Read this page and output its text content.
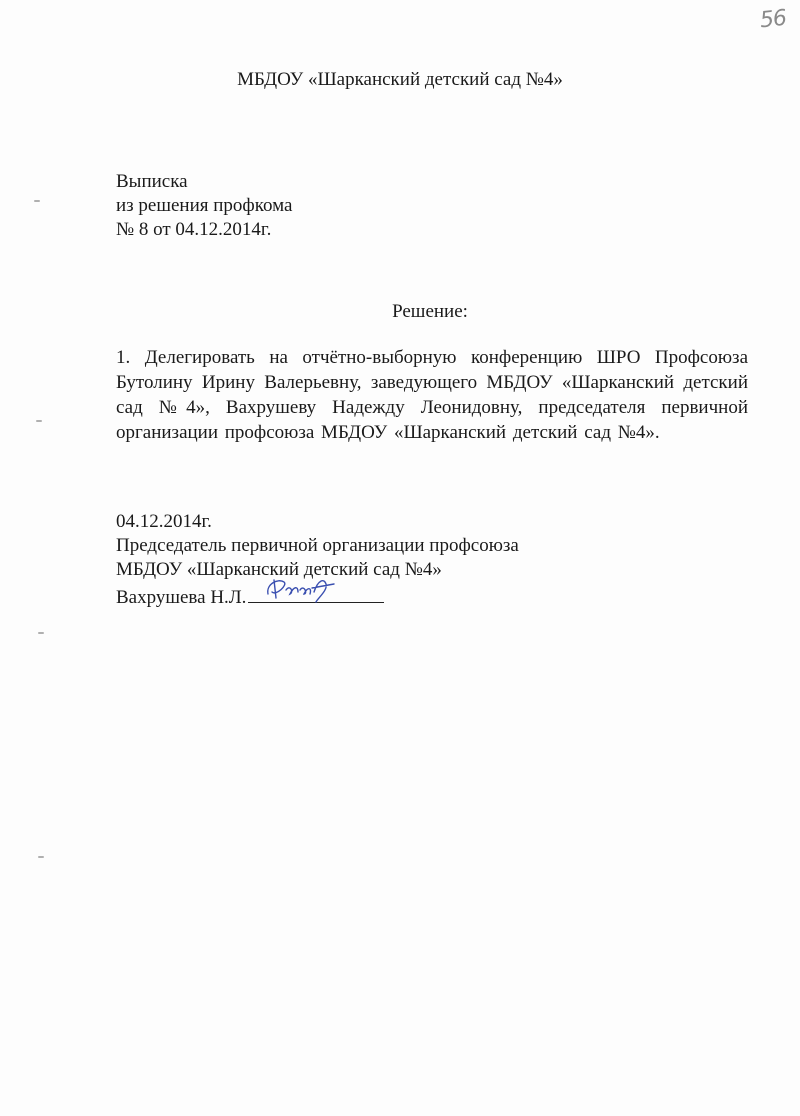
56
МБДОУ «Шарканский детский сад №4»
Выписка
из решения профкома
№ 8 от 04.12.2014г.
Решение:
1. Делегировать на отчётно-выборную конференцию ШРО Профсоюза Бутолину Ирину Валерьевну, заведующего МБДОУ «Шарканский детский сад №4», Вахрушеву Надежду Леонидовну, председателя первичной организации профсоюза МБДОУ «Шарканский детский сад №4».
04.12.2014г.
Председатель первичной организации профсоюза
МБДОУ «Шарканский детский сад №4»
Вахрушева Н.Л.
